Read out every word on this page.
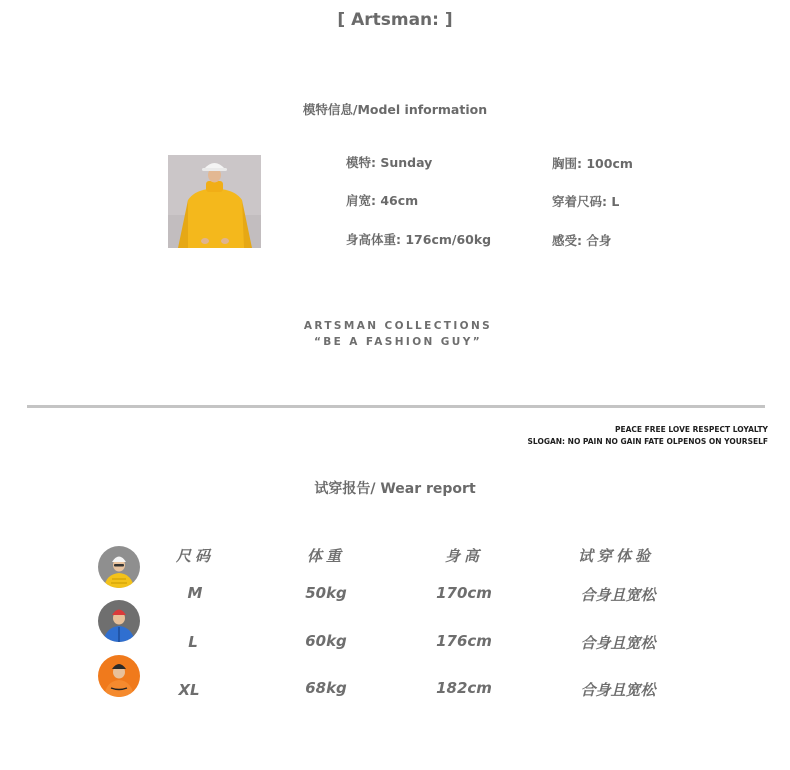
[ Artsman: ]
模特信息/Model information
模特: Sunday
肩宽: 46cm
身高体重: 176cm/60kg
胸围: 100cm
穿着尺码: L
感受: 合身
ARTSMAN COLLECTIONS
“BE A FASHION GUY”
PEACE FREE LOVE RESPECT LOYALTY
SLOGAN: NO PAIN NO GAIN FATE OLPENOS ON YOURSELF
试穿报告/ Wear report
尺码	体重	身高	试穿体验
M	50kg	170cm	合身且宽松
L	60kg	176cm	合身且宽松
XL	68kg	182cm	合身且宽松
